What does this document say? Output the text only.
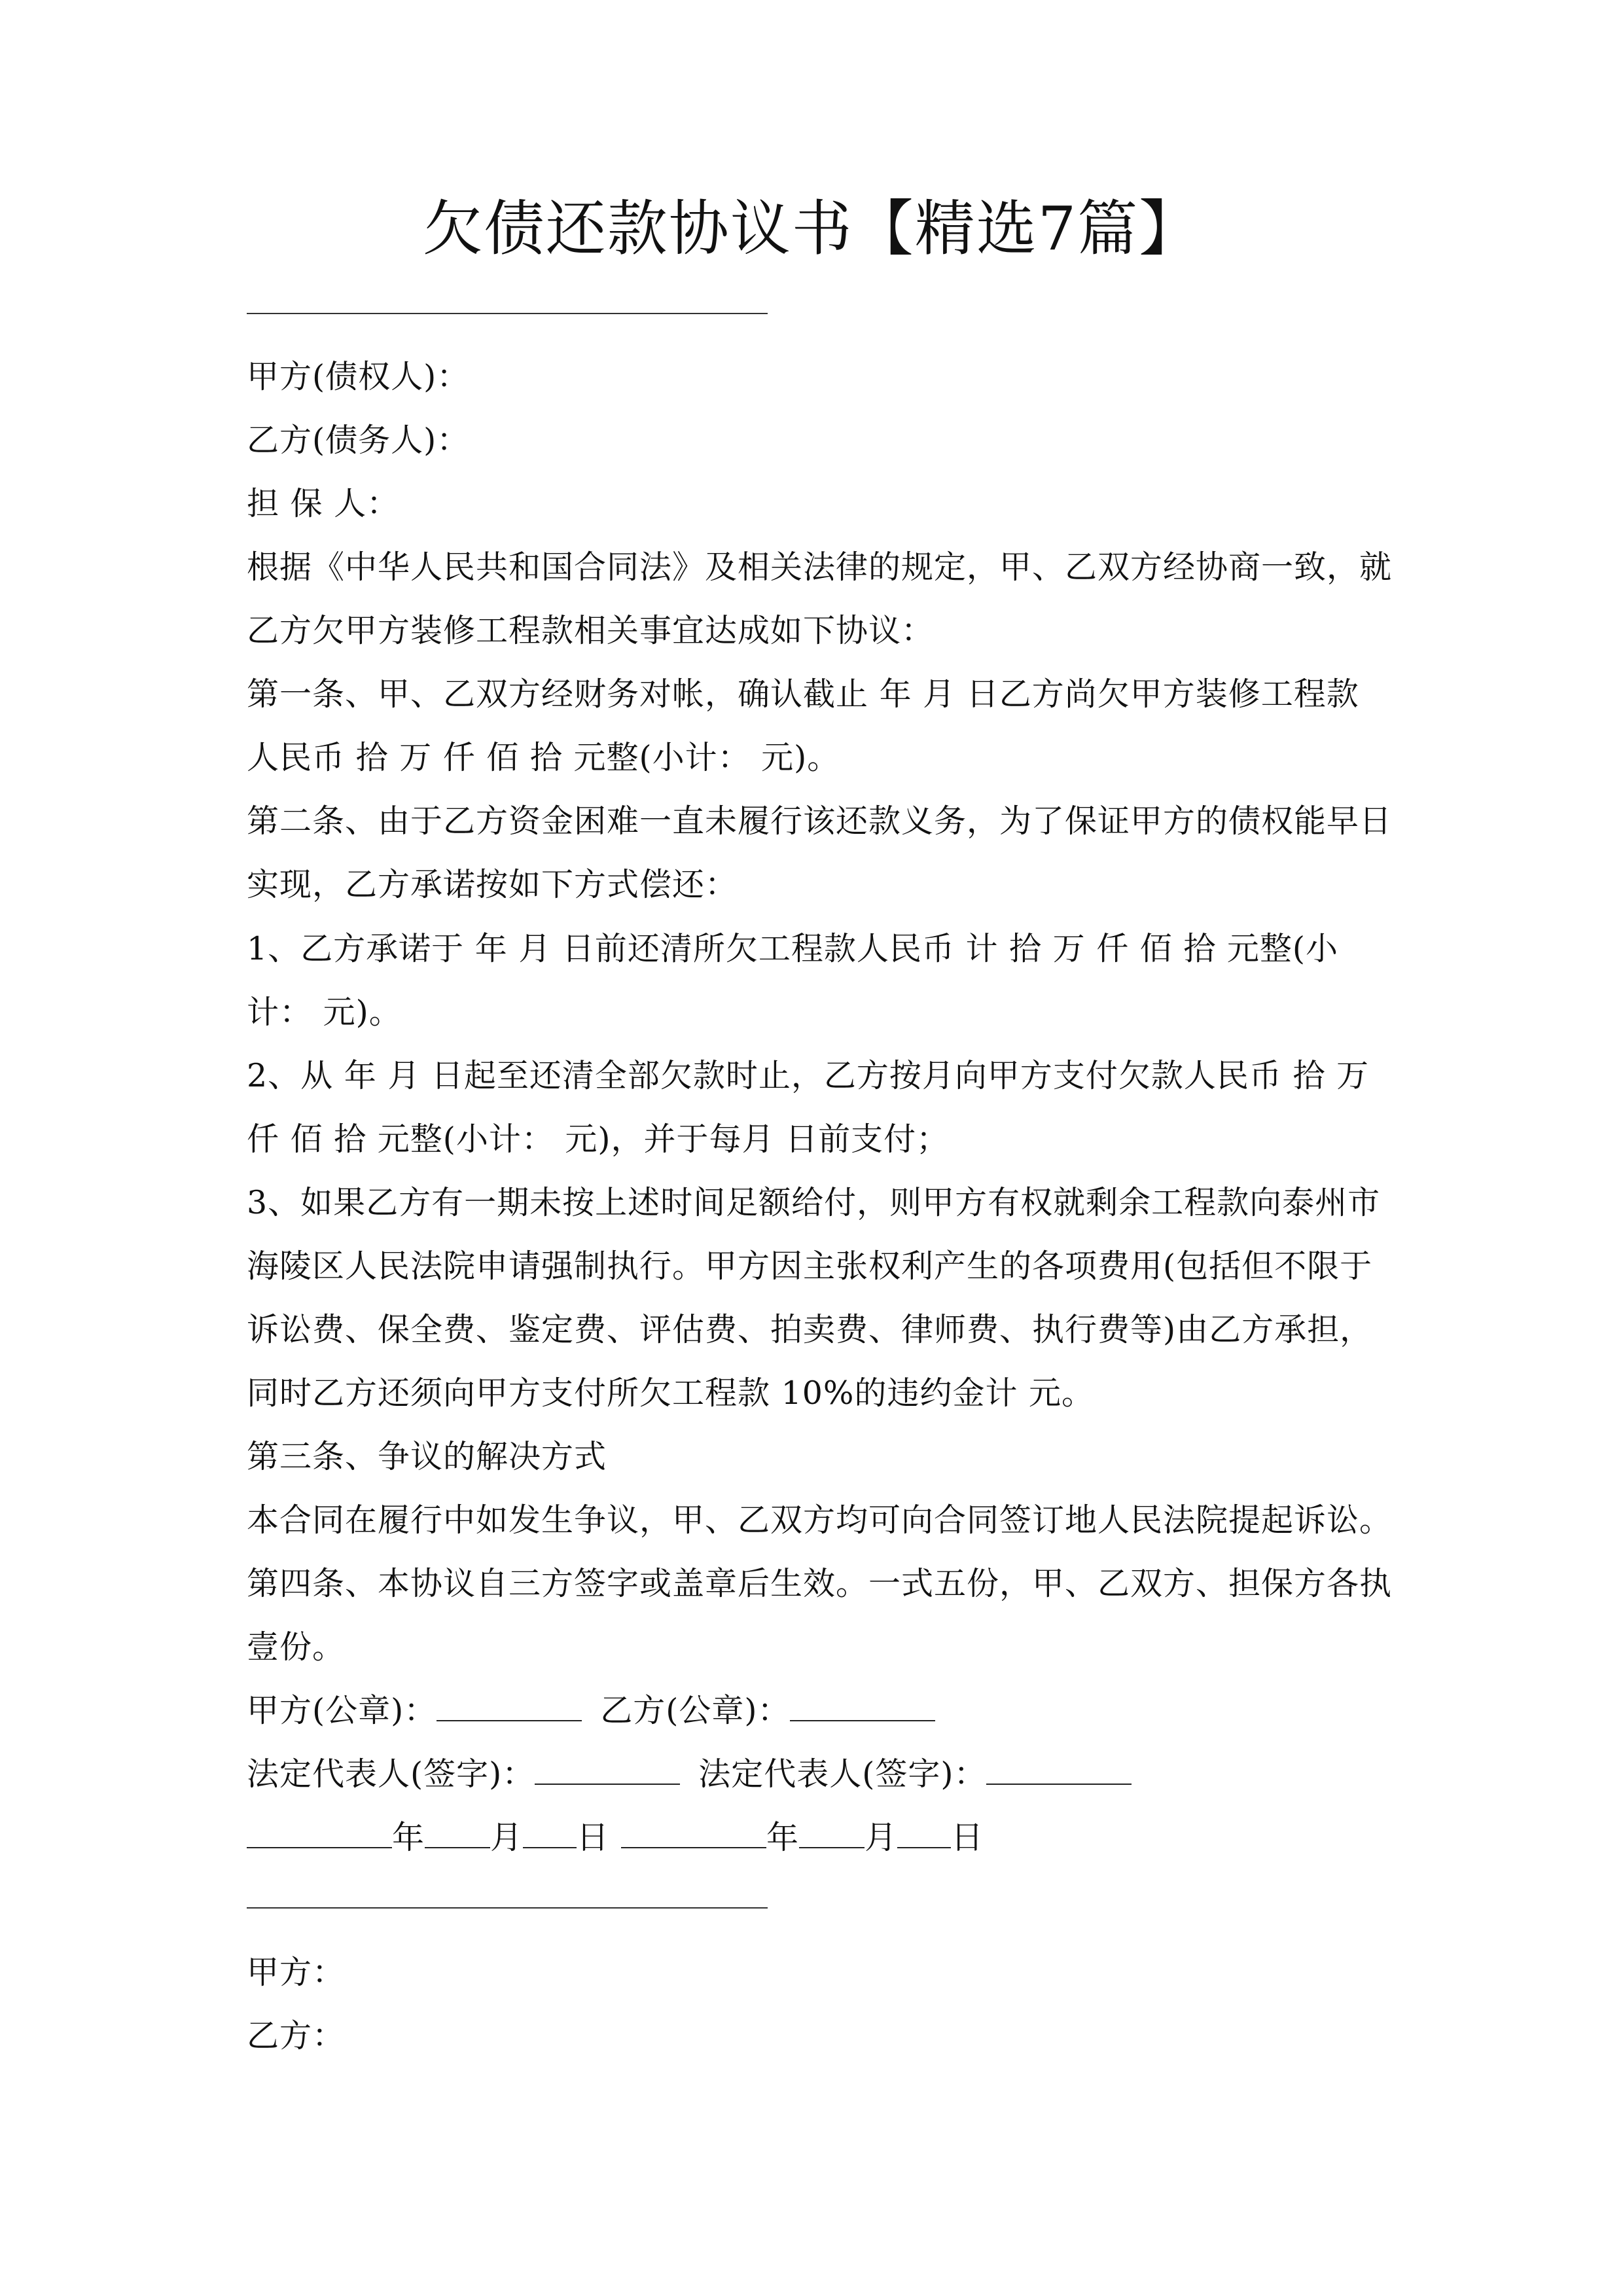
欠债还款协议书【精选7篇】
甲方(债权人)：
乙方(债务人)：
担 保 人：
根据《中华人民共和国合同法》及相关法律的规定，甲、乙双方经协商一致，就
乙方欠甲方装修工程款相关事宜达成如下协议：
第一条、甲、乙双方经财务对帐，确认截止 年 月 日乙方尚欠甲方装修工程款
人民币 拾 万 仟 佰 拾 元整(小计： 元)。
第二条、由于乙方资金困难一直未履行该还款义务，为了保证甲方的债权能早日
实现，乙方承诺按如下方式偿还：
1、乙方承诺于 年 月 日前还清所欠工程款人民币 计 拾 万 仟 佰 拾 元整(小
计： 元)。
2、从 年 月 日起至还清全部欠款时止，乙方按月向甲方支付欠款人民币 拾 万
仟 佰 拾 元整(小计： 元)，并于每月 日前支付；
3、如果乙方有一期未按上述时间足额给付，则甲方有权就剩余工程款向泰州市
海陵区人民法院申请强制执行。甲方因主张权利产生的各项费用(包括但不限于
诉讼费、保全费、鉴定费、评估费、拍卖费、律师费、执行费等)由乙方承担，
同时乙方还须向甲方支付所欠工程款 10%的违约金计 元。
第三条、争议的解决方式
本合同在履行中如发生争议，甲、乙双方均可向合同签订地人民法院提起诉讼。
第四条、本协议自三方签字或盖章后生效。一式五份，甲、乙双方、担保方各执
壹份。
甲方(公章)：	乙方(公章)：
法定代表人(签字)：	法定代表人(签字)：
年 月 日	年 月 日
甲方：
乙方：
